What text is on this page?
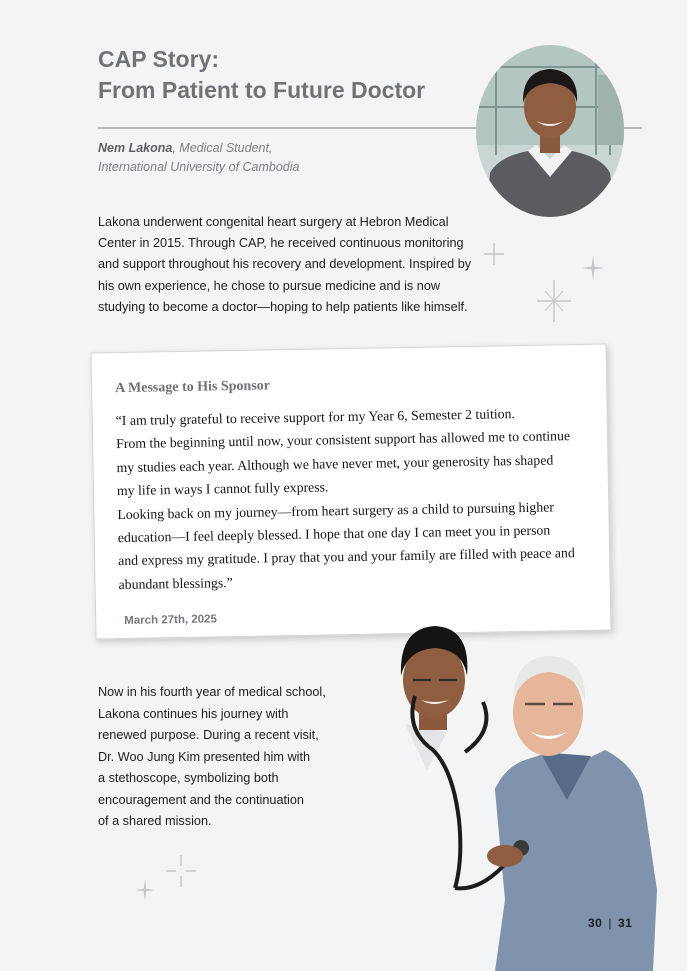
CAP Story:
From Patient to Future Doctor
Nem Lakona, Medical Student,
International University of Cambodia

Lakona underwent congenital heart surgery at Hebron Medical Center in 2015. Through CAP, he received continuous monitoring and support throughout his recovery and development. Inspired by his own experience, he chose to pursue medicine and is now studying to become a doctor—hoping to help patients like himself.

A Message to His Sponsor

“I am truly grateful to receive support for my Year 6, Semester 2 tuition.
From the beginning until now, your consistent support has allowed me to continue
my studies each year. Although we have never met, your generosity has shaped
my life in ways I cannot fully express.
Looking back on my journey—from heart surgery as a child to pursuing higher
education—I feel deeply blessed. I hope that one day I can meet you in person
and express my gratitude. I pray that you and your family are filled with peace and
abundant blessings.”

March 27th, 2025

Now in his fourth year of medical school,
Lakona continues his journey with
renewed purpose. During a recent visit,
Dr. Woo Jung Kim presented him with
a stethoscope, symbolizing both
encouragement and the continuation
of a shared mission.

30 | 31
